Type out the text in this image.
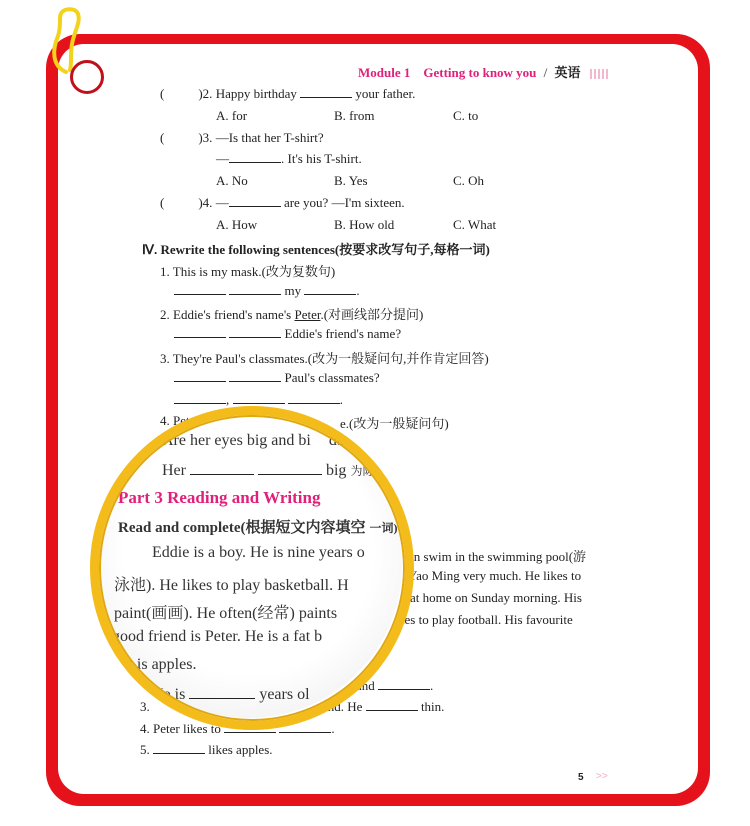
Module 1 Getting to know you / 英语
(	)2. Happy birthday	your father.
A. for	B. from	C. to
(	)3. —Is that her T-shirt?
—	. It's his T-shirt.
A. No	B. Yes	C. Oh
(	)4. —	are you? —I'm sixteen.
A. How	B. How old	C. What
Ⅳ. Rewrite the following sentences(按要求改写句子,每格一词)
1. This is my mask.(改为复数句)
my	.
2. Eddie's friend's name's Peter.(对画线部分提问)
Eddie's friend's name?
3. They're Paul's classmates.(改为一般疑问句,并作肯定回答)
Paul's classmates?
,	.
4. Pet	e.(改为一般疑问句)
an swim in the swimming pool(游
Yao Ming very much. He likes to
at home on Sunday morning. His
kes to play football. His favourite
and	.
3.	end. He	thin.
4. Peter likes to	.
5.	likes apples.
Are her eyes big and bi dance?
Her	big 为陈述句
k.
Part 3 Reading and Writing
Read and complete(根据短文内容填空 一词)
Eddie is a boy. He is nine years o
泳池). He likes to play basketball. H
paint(画画). He often(经常) paints
good friend is Peter. He is a fat b
it is apples.
He is	years ol
5 >>
